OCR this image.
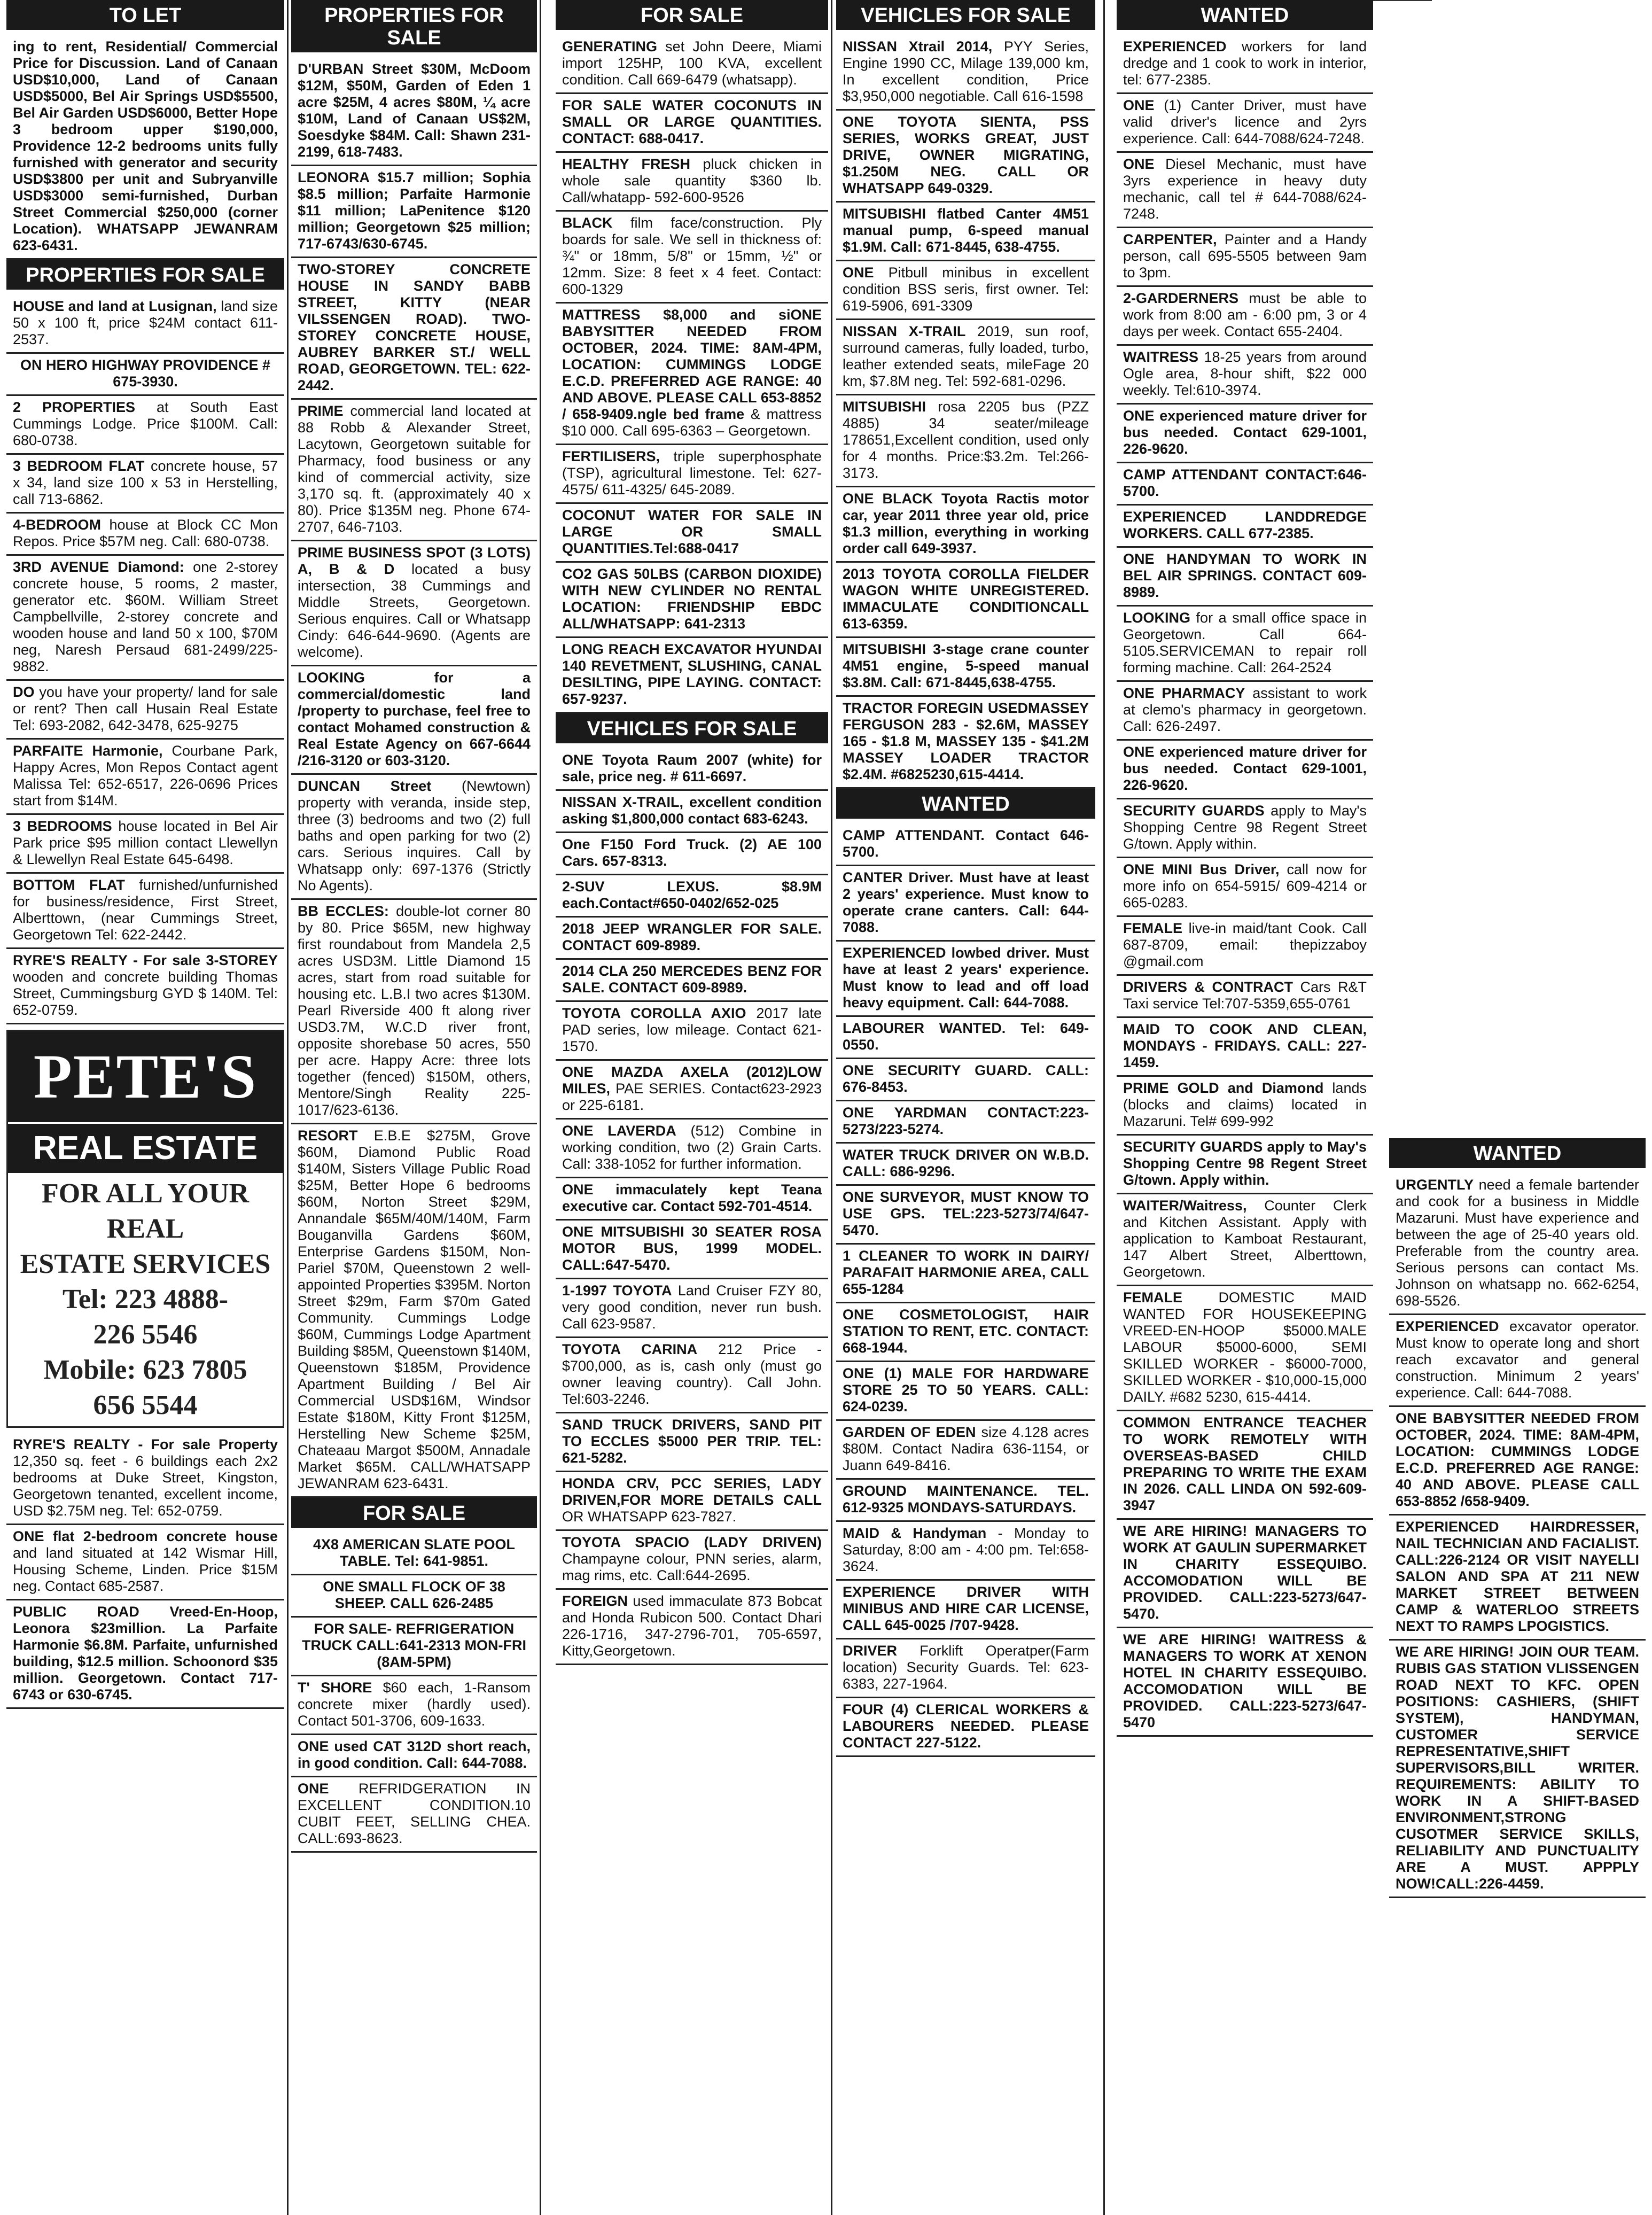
TO LET
ing to rent, Residential/ Commercial Price for Discussion. Land of Canaan USD$10,000, Land of Canaan USD$5000, Bel Air Springs USD$5500, Bel Air Garden USD$6000, Better Hope 3 bedroom upper $190,000, Providence 12-2 bedrooms units fully furnished with generator and security USD$3800 per unit and Subryanville USD$3000 semi-furnished, Durban Street Commercial $250,000 (corner Location). WHATSAPP JEWANRAM 623-6431.
PROPERTIES FOR SALE
HOUSE and land at Lusignan, land size 50 x 100 ft, price $24M contact 611-2537.
ON HERO HIGHWAY PROVIDENCE # 675-3930.
2 PROPERTIES at South East Cummings Lodge. Price $100M. Call: 680-0738.
3 BEDROOM FLAT concrete house, 57 x 34, land size 100 x 53 in Herstelling, call 713-6862.
4-BEDROOM house at Block CC Mon Repos. Price $57M neg. Call: 680-0738.
3RD AVENUE Diamond: one 2-storey concrete house, 5 rooms, 2 master, generator etc. $60M. William Street Campbellville, 2-storey concrete and wooden house and land 50 x 100, $70M neg, Naresh Persaud 681-2499/225-9882.
DO you have your property/ land for sale or rent? Then call Husain Real Estate Tel: 693-2082, 642-3478, 625-9275
PARFAITE Harmonie, Courbane Park, Happy Acres, Mon Repos Contact agent Malissa Tel: 652-6517, 226-0696 Prices start from $14M.
3 BEDROOMS house located in Bel Air Park price $95 million contact Llewellyn & Llewellyn Real Estate 645-6498.
BOTTOM FLAT furnished/unfurnished for business/residence, First Street, Alberttown, (near Cummings Street, Georgetown Tel: 622-2442.
RYRE'S REALTY - For sale 3-STOREY wooden and concrete building Thomas Street, Cummingsburg GYD $ 140M. Tel: 652-0759.
PETE'S
REAL ESTATE
FOR ALL YOUR REAL
ESTATE SERVICES
Tel: 223 4888-
226 5546
Mobile: 623 7805
656 5544
RYRE'S REALTY - For sale Property 12,350 sq. feet - 6 buildings each 2x2 bedrooms at Duke Street, Kingston, Georgetown tenanted, excellent income, USD $2.75M neg. Tel: 652-0759.
ONE flat 2-bedroom concrete house and land situated at 142 Wismar Hill, Housing Scheme, Linden. Price $15M neg. Contact 685-2587.
PUBLIC ROAD Vreed-En-Hoop, Leonora $23million. La Parfaite Harmonie $6.8M. Parfaite, unfurnished building, $12.5 million. Schoonord $35 million. Georgetown. Contact 717-6743 or 630-6745.
PROPERTIES FOR SALE
D'URBAN Street $30M, McDoom $12M, $50M, Garden of Eden 1 acre $25M, 4 acres $80M, ¼ acre $10M, Land of Canaan US$2M, Soesdyke $84M. Call: Shawn 231-2199, 618-7483.
LEONORA $15.7 million; Sophia $8.5 million; Parfaite Harmonie $11 million; LaPenitence $120 million; Georgetown $25 million; 717-6743/630-6745.
TWO-STOREY CONCRETE HOUSE IN SANDY BABB STREET, KITTY (NEAR VILSSENGEN ROAD). TWO-STOREY CONCRETE HOUSE, AUBREY BARKER ST./ WELL ROAD, GEORGETOWN. TEL: 622-2442.
PRIME commercial land located at 88 Robb & Alexander Street, Lacytown, Georgetown suitable for Pharmacy, food business or any kind of commercial activity, size 3,170 sq. ft. (approximately 40 x 80). Price $135M neg. Phone 674-2707, 646-7103.
PRIME BUSINESS SPOT (3 LOTS) A, B & D located a busy intersection, 38 Cummings and Middle Streets, Georgetown. Serious enquires. Call or Whatsapp Cindy: 646-644-9690. (Agents are welcome).
LOOKING for a commercial/domestic land /property to purchase, feel free to contact Mohamed construction & Real Estate Agency on 667-6644 /216-3120 or 603-3120.
DUNCAN Street (Newtown) property with veranda, inside step, three (3) bedrooms and two (2) full baths and open parking for two (2) cars. Serious inquires. Call by Whatsapp only: 697-1376 (Strictly No Agents).
BB ECCLES: double-lot corner 80 by 80. Price $65M, new highway first roundabout from Mandela 2,5 acres USD3M. Little Diamond 15 acres, start from road suitable for housing etc. L.B.I two acres $130M. Pearl Riverside 400 ft along river USD3.7M, W.C.D river front, opposite shorebase 50 acres, 550 per acre. Happy Acre: three lots together (fenced) $150M, others, Mentore/Singh Reality 225-1017/623-6136.
RESORT E.B.E $275M, Grove $60M, Diamond Public Road $140M, Sisters Village Public Road $25M, Better Hope 6 bedrooms $60M, Norton Street $29M, Annandale $65M/40M/140M, Farm Bouganvilla Gardens $60M, Enterprise Gardens $150M, Non-Pariel $70M, Queenstown 2 well-appointed Properties $395M. Norton Street $29m, Farm $70m Gated Community. Cummings Lodge $60M, Cummings Lodge Apartment Building $85M, Queenstown $140M, Queenstown $185M, Providence Apartment Building / Bel Air Commercial USD$16M, Windsor Estate $180M, Kitty Front $125M, Herstelling New Scheme $25M, Chateaau Margot $500M, Annadale Market $65M. CALL/WHATSAPP JEWANRAM 623-6431.
FOR SALE
4X8 AMERICAN SLATE POOL TABLE. Tel: 641-9851.
ONE SMALL FLOCK OF 38 SHEEP. CALL 626-2485
FOR SALE- REFRIGERATION TRUCK CALL:641-2313 MON-FRI (8AM-5PM)
T' SHORE $60 each, 1-Ransom concrete mixer (hardly used). Contact 501-3706, 609-1633.
ONE used CAT 312D short reach, in good condition. Call: 644-7088.
ONE REFRIDGERATION IN EXCELLENT CONDITION.10 CUBIT FEET, SELLING CHEA. CALL:693-8623.
FOR SALE
GENERATING set John Deere, Miami import 125HP, 100 KVA, excellent condition. Call 669-6479 (whatsapp).
FOR SALE WATER COCONUTS IN SMALL OR LARGE QUANTITIES. CONTACT: 688-0417.
HEALTHY FRESH pluck chicken in whole sale quantity $360 lb. Call/whatapp- 592-600-9526
BLACK film face/construction. Ply boards for sale. We sell in thickness of: ¾" or 18mm, 5/8" or 15mm, ½" or 12mm. Size: 8 feet x 4 feet. Contact: 600-1329
MATTRESS $8,000 and siONE BABYSITTER NEEDED FROM OCTOBER, 2024. TIME: 8AM-4PM, LOCATION: CUMMINGS LODGE E.C.D. PREFERRED AGE RANGE: 40 AND ABOVE. PLEASE CALL 653-8852 / 658-9409.ngle bed frame & mattress $10 000. Call 695-6363 – Georgetown.
FERTILISERS, triple superphosphate (TSP), agricultural limestone. Tel: 627-4575/ 611-4325/ 645-2089.
COCONUT WATER FOR SALE IN LARGE OR SMALL QUANTITIES.Tel:688-0417
CO2 GAS 50LBS (CARBON DIOXIDE) WITH NEW CYLINDER NO RENTAL LOCATION: FRIENDSHIP EBDC ALL/WHATSAPP: 641-2313
LONG REACH EXCAVATOR HYUNDAI 140 REVETMENT, SLUSHING, CANAL DESILTING, PIPE LAYING. CONTACT: 657-9237.
VEHICLES FOR SALE
ONE Toyota Raum 2007 (white) for sale, price neg. # 611-6697.
NISSAN X-TRAIL, excellent condition asking $1,800,000 contact 683-6243.
One F150 Ford Truck. (2) AE 100 Cars. 657-8313.
2-SUV LEXUS. $8.9M each.Contact#650-0402/652-025
2018 JEEP WRANGLER FOR SALE. CONTACT 609-8989.
2014 CLA 250 MERCEDES BENZ FOR SALE. CONTACT 609-8989.
TOYOTA COROLLA AXIO 2017 late PAD series, low mileage. Contact 621-1570.
ONE MAZDA AXELA (2012)LOW MILES, PAE SERIES. Contact623-2923 or 225-6181.
ONE LAVERDA (512) Combine in working condition, two (2) Grain Carts. Call: 338-1052 for further information.
ONE immaculately kept Teana executive car. Contact 592-701-4514.
ONE MITSUBISHI 30 SEATER ROSA MOTOR BUS, 1999 MODEL. CALL:647-5470.
1-1997 TOYOTA Land Cruiser FZY 80, very good condition, never run bush. Call 623-9587.
TOYOTA CARINA 212 Price - $700,000, as is, cash only (must go owner leaving country). Call John. Tel:603-2246.
SAND TRUCK DRIVERS, SAND PIT TO ECCLES $5000 PER TRIP. TEL: 621-5282.
HONDA CRV, PCC SERIES, LADY DRIVEN,FOR MORE DETAILS CALL OR WHATSAPP 623-7827.
TOYOTA SPACIO (LADY DRIVEN) Champayne colour, PNN series, alarm, mag rims, etc. Call:644-2695.
FOREIGN used immaculate 873 Bobcat and Honda Rubicon 500. Contact Dhari 226-1716, 347-2796-701, 705-6597, Kitty,Georgetown.
VEHICLES FOR SALE
NISSAN Xtrail 2014, PYY Series, Engine 1990 CC, Milage 139,000 km, In excellent condition, Price $3,950,000 negotiable. Call 616-1598
ONE TOYOTA SIENTA, PSS SERIES, WORKS GREAT, JUST DRIVE, OWNER MIGRATING, $1.250M NEG. CALL OR WHATSAPP 649-0329.
MITSUBISHI flatbed Canter 4M51 manual pump, 6-speed manual $1.9M. Call: 671-8445, 638-4755.
ONE Pitbull minibus in excellent condition BSS seris, first owner. Tel: 619-5906, 691-3309
NISSAN X-TRAIL 2019, sun roof, surround cameras, fully loaded, turbo, leather extended seats, mileFage 20 km, $7.8M neg. Tel: 592-681-0296.
MITSUBISHI rosa 2205 bus (PZZ 4885) 34 seater/mileage 178651,Excellent condition, used only for 4 months. Price:$3.2m. Tel:266-3173.
ONE BLACK Toyota Ractis motor car, year 2011 three year old, price $1.3 million, everything in working order call 649-3937.
2013 TOYOTA COROLLA FIELDER WAGON WHITE UNREGISTERED. IMMACULATE CONDITIONCALL 613-6359.
MITSUBISHI 3-stage crane counter 4M51 engine, 5-speed manual $3.8M. Call: 671-8445,638-4755.
TRACTOR FOREGIN USEDMASSEY FERGUSON 283 - $2.6M, MASSEY 165 - $1.8 M, MASSEY 135 - $41.2M MASSEY LOADER TRACTOR $2.4M. #6825230,615-4414.
WANTED
CAMP ATTENDANT. Contact 646-5700.
CANTER Driver. Must have at least 2 years' experience. Must know to operate crane canters. Call: 644-7088.
EXPERIENCED lowbed driver. Must have at least 2 years' experience. Must know to lead and off load heavy equipment. Call: 644-7088.
LABOURER WANTED. Tel: 649-0550.
ONE SECURITY GUARD. CALL: 676-8453.
ONE YARDMAN CONTACT:223-5273/223-5274.
WATER TRUCK DRIVER ON W.B.D. CALL: 686-9296.
ONE SURVEYOR, MUST KNOW TO USE GPS. TEL:223-5273/74/647-5470.
1 CLEANER TO WORK IN DAIRY/ PARAFAIT HARMONIE AREA, CALL 655-1284
ONE COSMETOLOGIST, HAIR STATION TO RENT, ETC. CONTACT: 668-1944.
ONE (1) MALE FOR HARDWARE STORE 25 TO 50 YEARS. CALL: 624-0239.
GARDEN OF EDEN size 4.128 acres $80M. Contact Nadira 636-1154, or Juann 649-8416.
GROUND MAINTENANCE. TEL. 612-9325 MONDAYS-SATURDAYS.
MAID & Handyman - Monday to Saturday, 8:00 am - 4:00 pm. Tel:658-3624.
EXPERIENCE DRIVER WITH MINIBUS AND HIRE CAR LICENSE, CALL 645-0025 /707-9428.
DRIVER Forklift Operatper(Farm location) Security Guards. Tel: 623-6383, 227-1964.
FOUR (4) CLERICAL WORKERS & LABOURERS NEEDED. PLEASE CONTACT 227-5122.
WANTED
EXPERIENCED workers for land dredge and 1 cook to work in interior, tel: 677-2385.
ONE (1) Canter Driver, must have valid driver's licence and 2yrs experience. Call: 644-7088/624-7248.
ONE Diesel Mechanic, must have 3yrs experience in heavy duty mechanic, call tel # 644-7088/624-7248.
CARPENTER, Painter and a Handy person, call 695-5505 between 9am to 3pm.
2-GARDERNERS must be able to work from 8:00 am - 6:00 pm, 3 or 4 days per week. Contact 655-2404.
WAITRESS 18-25 years from around Ogle area, 8-hour shift, $22 000 weekly. Tel:610-3974.
ONE experienced mature driver for bus needed. Contact 629-1001, 226-9620.
CAMP ATTENDANT CONTACT:646-5700.
EXPERIENCED LANDDREDGE WORKERS. CALL 677-2385.
ONE HANDYMAN TO WORK IN BEL AIR SPRINGS. CONTACT 609-8989.
LOOKING for a small office space in Georgetown. Call 664-5105.SERVICEMAN to repair roll forming machine. Call: 264-2524
ONE PHARMACY assistant to work at clemo's pharmacy in georgetown. Call: 626-2497.
ONE experienced mature driver for bus needed. Contact 629-1001, 226-9620.
SECURITY GUARDS apply to May's Shopping Centre 98 Regent Street G/town. Apply within.
ONE MINI Bus Driver, call now for more info on 654-5915/ 609-4214 or 665-0283.
FEMALE live-in maid/tant Cook. Call 687-8709, email: thepizzaboy @gmail.com
DRIVERS & CONTRACT Cars R&T Taxi service Tel:707-5359,655-0761
MAID TO COOK AND CLEAN, MONDAYS - FRIDAYS. CALL: 227-1459.
PRIME GOLD and Diamond lands (blocks and claims) located in Mazaruni. Tel# 699-992
SECURITY GUARDS apply to May's Shopping Centre 98 Regent Street G/town. Apply within.
WAITER/Waitress, Counter Clerk and Kitchen Assistant. Apply with application to Kamboat Restaurant, 147 Albert Street, Alberttown, Georgetown.
FEMALE DOMESTIC MAID WANTED FOR HOUSEKEEPING VREED-EN-HOOP $5000.MALE LABOUR $5000-6000, SEMI SKILLED WORKER - $6000-7000, SKILLED WORKER - $10,000-15,000 DAILY. #682 5230, 615-4414.
COMMON ENTRANCE TEACHER TO WORK REMOTELY WITH OVERSEAS-BASED CHILD PREPARING TO WRITE THE EXAM IN 2026. CALL LINDA ON 592-609-3947
WE ARE HIRING! MANAGERS TO WORK AT GAULIN SUPERMARKET IN CHARITY ESSEQUIBO. ACCOMODATION WILL BE PROVIDED. CALL:223-5273/647-5470.
WE ARE HIRING! WAITRESS & MANAGERS TO WORK AT XENON HOTEL IN CHARITY ESSEQUIBO. ACCOMODATION WILL BE PROVIDED. CALL:223-5273/647-5470
WANTED
URGENTLY need a female bartender and cook for a business in Middle Mazaruni. Must have experience and between the age of 25-40 years old. Preferable from the country area. Serious persons can contact Ms. Johnson on whatsapp no. 662-6254, 698-5526.
EXPERIENCED excavator operator. Must know to operate long and short reach excavator and general construction. Minimum 2 years' experience. Call: 644-7088.
ONE BABYSITTER NEEDED FROM OCTOBER, 2024. TIME: 8AM-4PM, LOCATION: CUMMINGS LODGE E.C.D. PREFERRED AGE RANGE: 40 AND ABOVE. PLEASE CALL 653-8852 /658-9409.
EXPERIENCED HAIRDRESSER, NAIL TECHNICIAN AND FACIALIST. CALL:226-2124 OR VISIT NAYELLI SALON AND SPA AT 211 NEW MARKET STREET BETWEEN CAMP & WATERLOO STREETS NEXT TO RAMPS LPOGISTICS.
WE ARE HIRING! JOIN OUR TEAM. RUBIS GAS STATION VLISSENGEN ROAD NEXT TO KFC. OPEN POSITIONS: CASHIERS, (SHIFT SYSTEM), HANDYMAN, CUSTOMER SERVICE REPRESENTATIVE,SHIFT SUPERVISORS,BILL WRITER. REQUIREMENTS: ABILITY TO WORK IN A SHIFT-BASED ENVIRONMENT,STRONG CUSOTMER SERVICE SKILLS, RELIABILITY AND PUNCTUALITY ARE A MUST. APPPLY NOW!CALL:226-4459.
